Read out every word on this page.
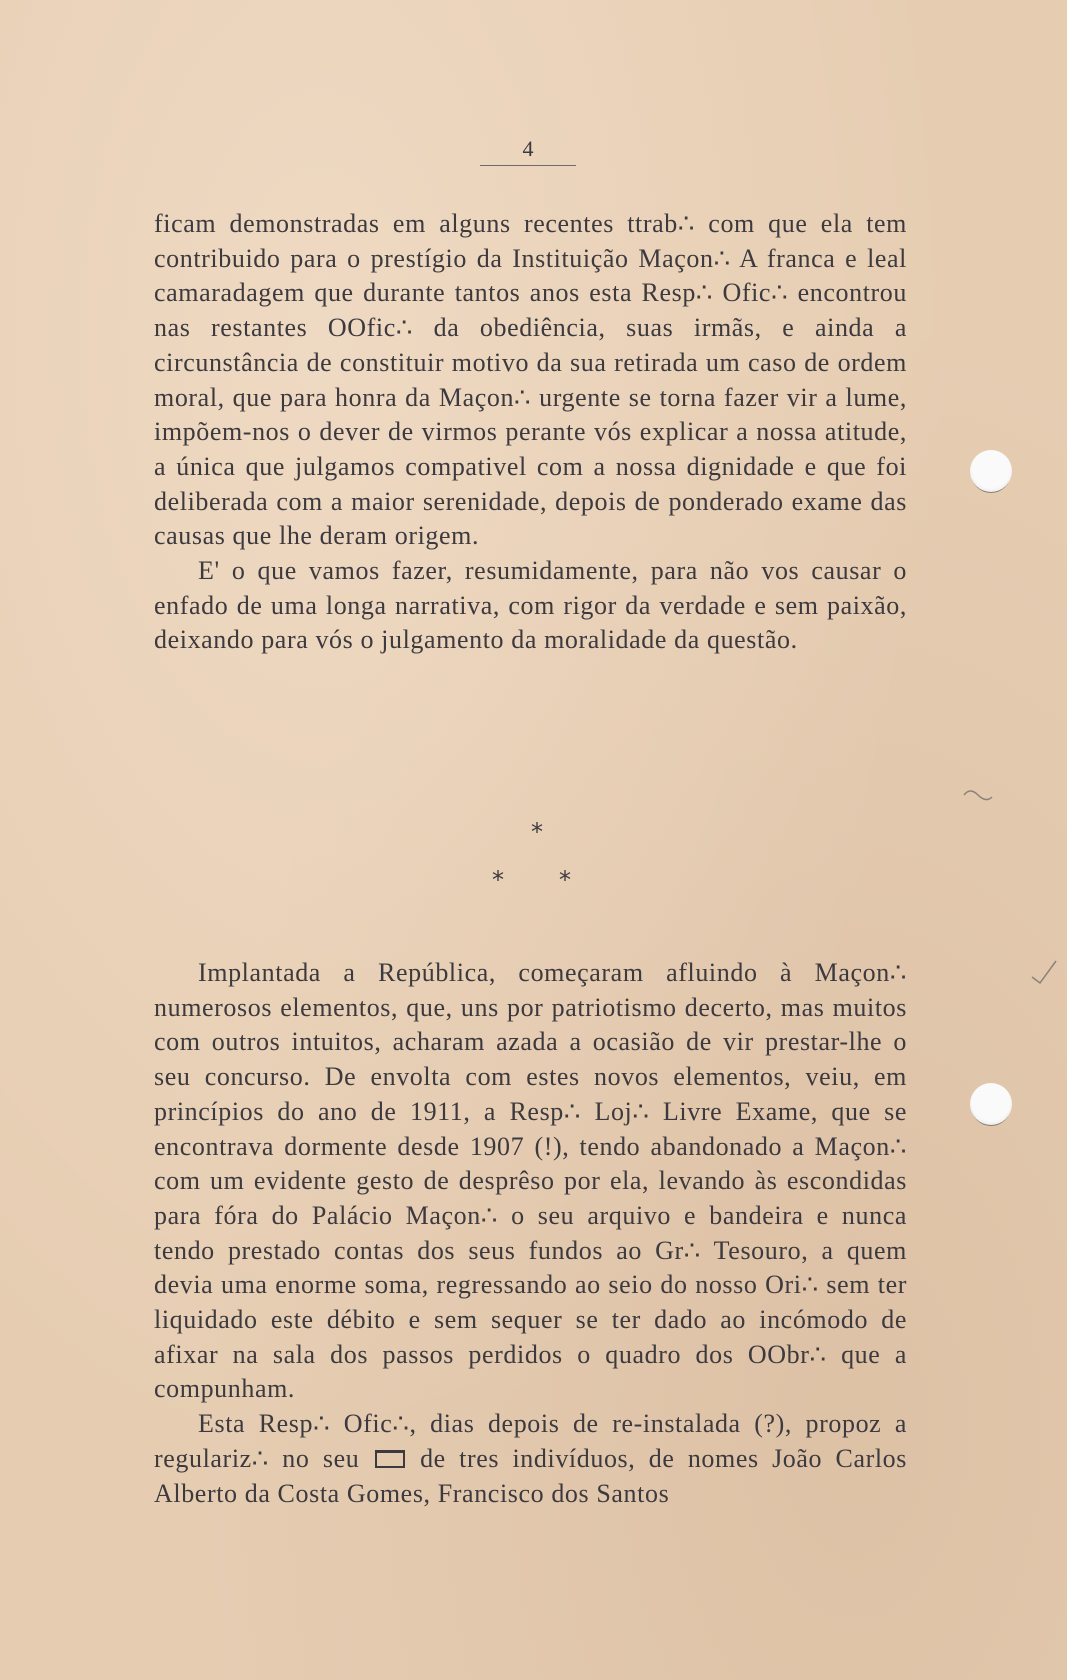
4

ficam demonstradas em alguns recentes ttrab∴ com que ela tem contribuido para o prestígio da Instituição Maçon∴ A franca e leal camaradagem que durante tantos anos esta Resp∴ Ofic∴ encontrou nas restantes OOfic∴ da obediência, suas irmãs, e ainda a circunstância de constituir motivo da sua retirada um caso de ordem moral, que para honra da Maçon∴ urgente se torna fazer vir a lume, impõem-nos o dever de virmos perante vós explicar a nossa atitude, a única que julgamos compativel com a nossa dignidade e que foi deliberada com a maior serenidade, depois de ponderado exame das causas que lhe deram origem.

E' o que vamos fazer, resumidamente, para não vos causar o enfado de uma longa narrativa, com rigor da verdade e sem paixão, deixando para vós o julgamento da moralidade da questão.

*
* *

Implantada a República, começaram afluindo à Maçon∴ numerosos elementos, que, uns por patriotismo decerto, mas muitos com outros intuitos, acharam azada a ocasião de vir prestar-lhe o seu concurso. De envolta com estes novos elementos, veiu, em princípios do ano de 1911, a Resp∴ Loj∴ Livre Exame, que se encontrava dormente desde 1907 (!), tendo abandonado a Maçon∴ com um evidente gesto de desprêso por ela, levando às escondidas para fóra do Palácio Maçon∴ o seu arquivo e bandeira e nunca tendo prestado contas dos seus fundos ao Gr∴ Tesouro, a quem devia uma enorme soma, regressando ao seio do nosso Ori∴ sem ter liquidado este débito e sem sequer se ter dado ao incómodo de afixar na sala dos passos perdidos o quadro dos OObr∴ que a compunham.

Esta Resp∴ Ofic∴, dias depois de re-instalada (?), propoz a regulariz∴ no seu de tres indivíduos, de nomes João Carlos Alberto da Costa Gomes, Francisco dos Santos
